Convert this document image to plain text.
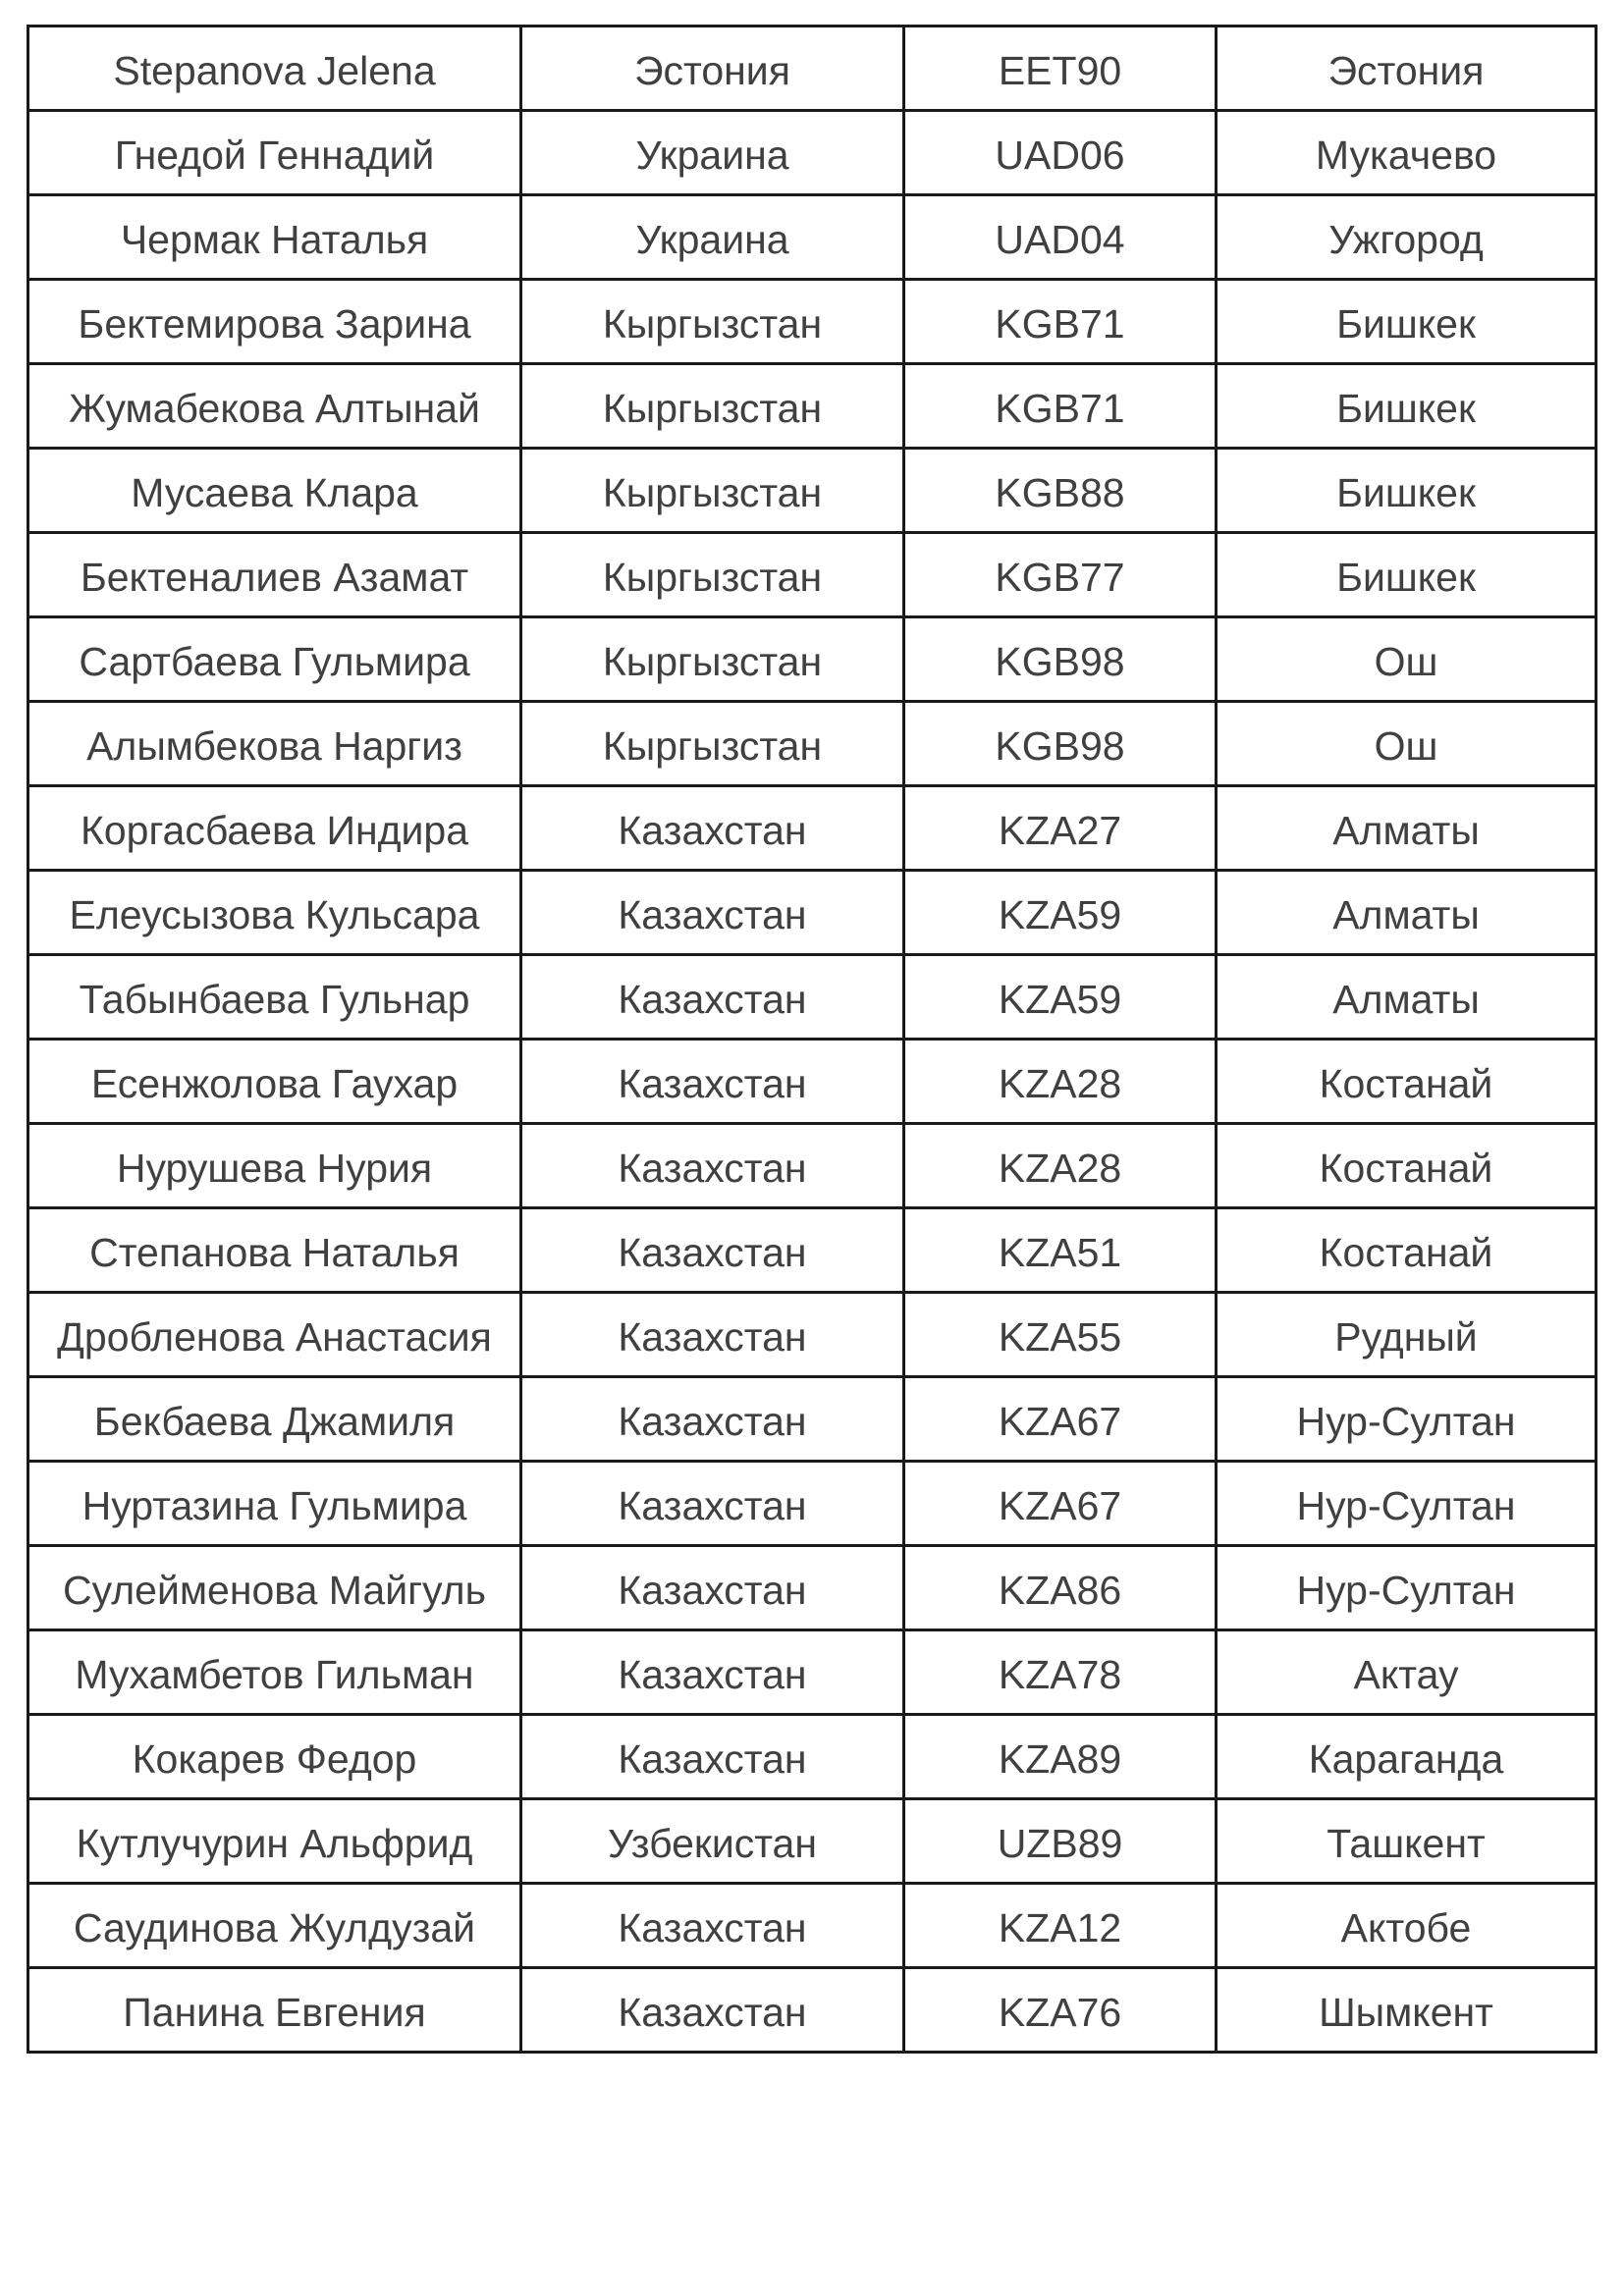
Stepanova Jelena	Эстония	EET90	Эстония
Гнедой Геннадий	Украина	UAD06	Мукачево
Чермак Наталья	Украина	UAD04	Ужгород
Бектемирова Зарина	Кыргызстан	KGB71	Бишкек
Жумабекова Алтынай	Кыргызстан	KGB71	Бишкек
Мусаева Клара	Кыргызстан	KGB88	Бишкек
Бектеналиев Азамат	Кыргызстан	KGB77	Бишкек
Сартбаева Гульмира	Кыргызстан	KGB98	Ош
Алымбекова Наргиз	Кыргызстан	KGB98	Ош
Коргасбаева Индира	Казахстан	KZA27	Алматы
Елеусызова Кульсара	Казахстан	KZA59	Алматы
Табынбаева Гульнар	Казахстан	KZA59	Алматы
Есенжолова Гаухар	Казахстан	KZA28	Костанай
Нурушева Нурия	Казахстан	KZA28	Костанай
Степанова Наталья	Казахстан	KZA51	Костанай
Дробленова Анастасия	Казахстан	KZA55	Рудный
Бекбаева Джамиля	Казахстан	KZA67	Нур-Султан
Нуртазина Гульмира	Казахстан	KZA67	Нур-Султан
Сулейменова Майгуль	Казахстан	KZA86	Нур-Султан
Мухамбетов Гильман	Казахстан	KZA78	Актау
Кокарев Федор	Казахстан	KZA89	Караганда
Кутлучурин Альфрид	Узбекистан	UZB89	Ташкент
Саудинова Жулдузай	Казахстан	KZA12	Актобе
Панина Евгения	Казахстан	KZA76	Шымкент
